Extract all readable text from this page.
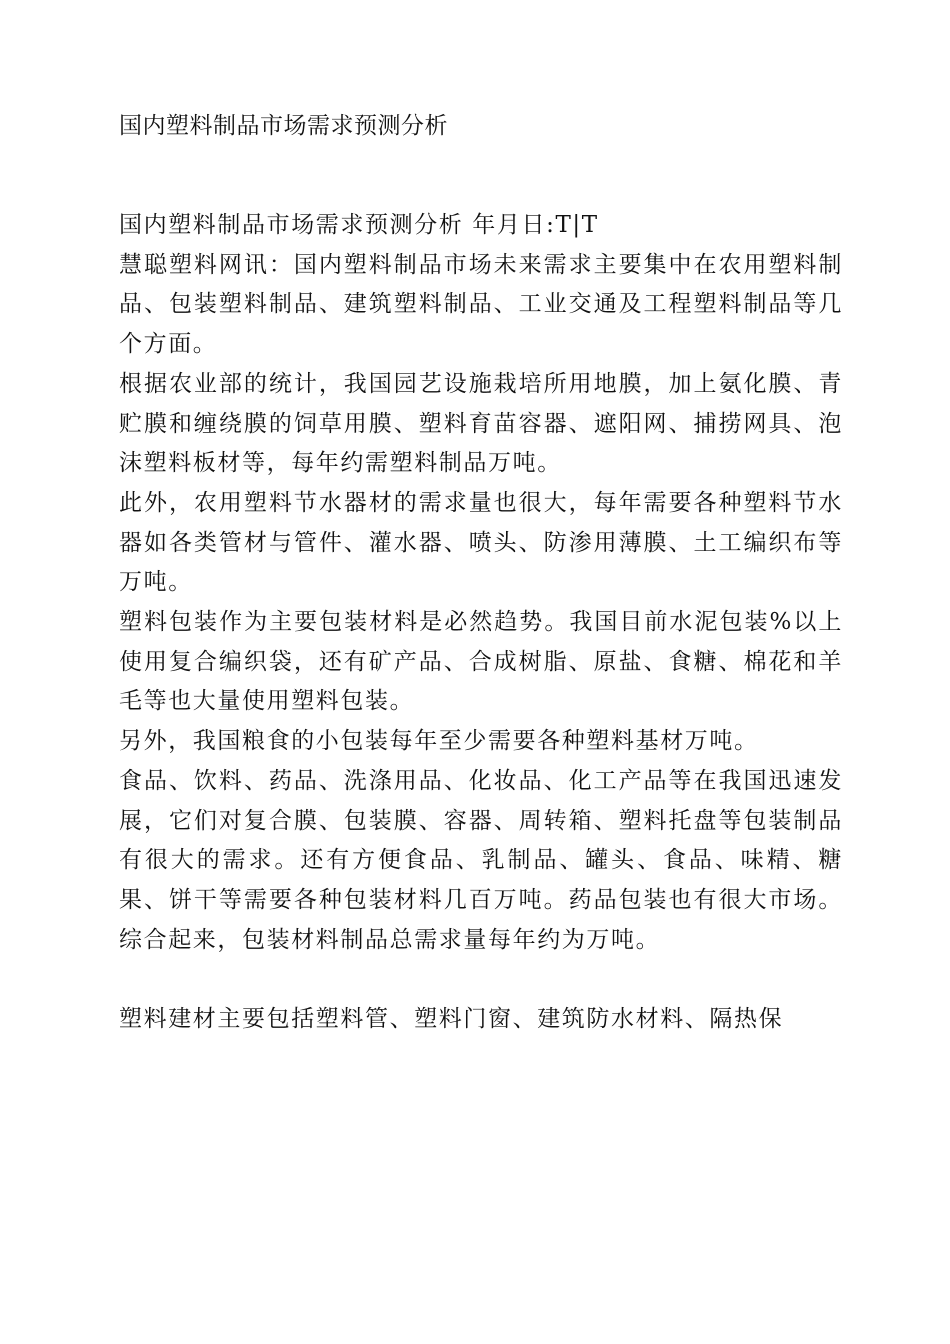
国内塑料制品市场需求预测分析

国内塑料制品市场需求预测分析 年月日:T|T

慧聪塑料网讯：国内塑料制品市场未来需求主要集中在农用塑料制品、包装塑料制品、建筑塑料制品、工业交通及工程塑料制品等几个方面。

根据农业部的统计，我国园艺设施栽培所用地膜，加上氨化膜、青贮膜和缠绕膜的饲草用膜、塑料育苗容器、遮阳网、捕捞网具、泡沫塑料板材等，每年约需塑料制品万吨。

此外，农用塑料节水器材的需求量也很大，每年需要各种塑料节水器如各类管材与管件、灌水器、喷头、防渗用薄膜、土工编织布等万吨。

塑料包装作为主要包装材料是必然趋势。我国目前水泥包装%以上使用复合编织袋，还有矿产品、合成树脂、原盐、食糖、棉花和羊毛等也大量使用塑料包装。

另外，我国粮食的小包装每年至少需要各种塑料基材万吨。

食品、饮料、药品、洗涤用品、化妆品、化工产品等在我国迅速发展，它们对复合膜、包装膜、容器、周转箱、塑料托盘等包装制品有很大的需求。还有方便食品、乳制品、罐头、食品、味精、糖果、饼干等需要各种包装材料几百万吨。药品包装也有很大市场。综合起来，包装材料制品总需求量每年约为万吨。

塑料建材主要包括塑料管、塑料门窗、建筑防水材料、隔热保
